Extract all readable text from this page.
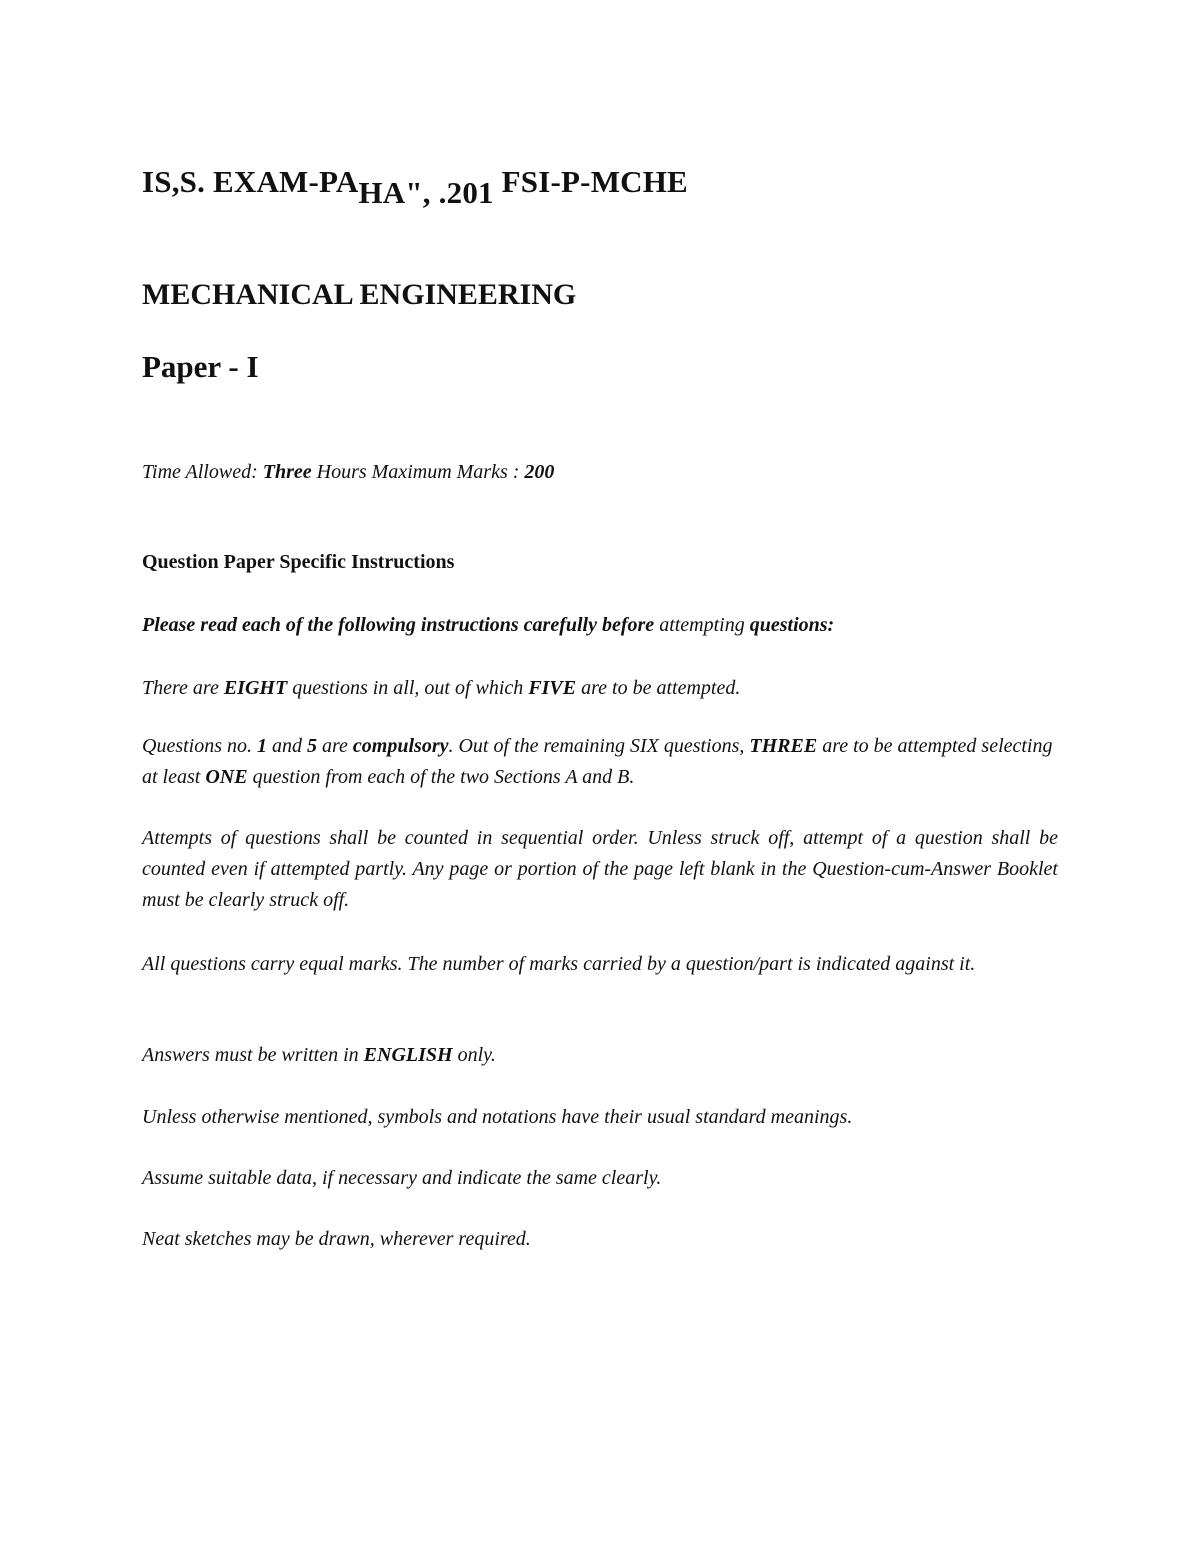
IS,S. EXAM-PAHA", .201 FSI-P-MCHE
MECHANICAL ENGINEERING
Paper - I
Time Allowed: Three Hours Maximum Marks : 200
Question Paper Specific Instructions
Please read each of the following instructions carefully before attempting questions:
There are EIGHT questions in all, out of which FIVE are to be attempted.
Questions no. 1 and 5 are compulsory. Out of the remaining SIX questions, THREE are to be attempted selecting at least ONE question from each of the two Sections A and B.
Attempts of questions shall be counted in sequential order. Unless struck off, attempt of a question shall be counted even if attempted partly. Any page or portion of the page left blank in the Question-cum-Answer Booklet must be clearly struck off.
All questions carry equal marks. The number of marks carried by a question/part is indicated against it.
Answers must be written in ENGLISH only.
Unless otherwise mentioned, symbols and notations have their usual standard meanings.
Assume suitable data, if necessary and indicate the same clearly.
Neat sketches may be drawn, wherever required.
